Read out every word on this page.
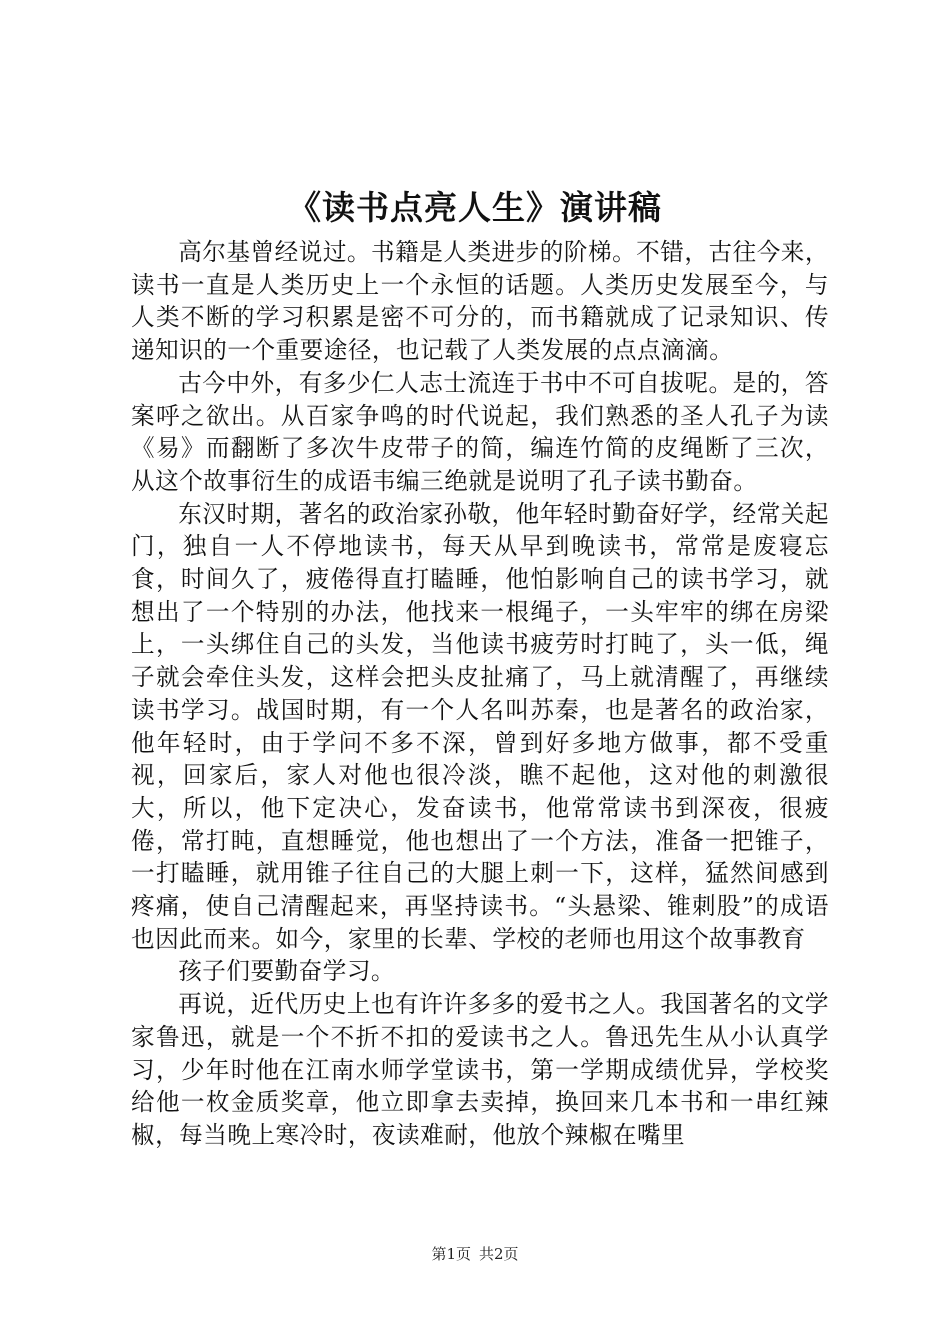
《读书点亮人生》演讲稿

高尔基曾经说过。书籍是人类进步的阶梯。不错，古往今来，读书一直是人类历史上一个永恒的话题。人类历史发展至今，与人类不断的学习积累是密不可分的，而书籍就成了记录知识、传递知识的一个重要途径，也记载了人类发展的点点滴滴。

古今中外，有多少仁人志士流连于书中不可自拔呢。是的，答案呼之欲出。从百家争鸣的时代说起，我们熟悉的圣人孔子为读《易》而翻断了多次牛皮带子的简，编连竹简的皮绳断了三次，从这个故事衍生的成语韦编三绝就是说明了孔子读书勤奋。

东汉时期，著名的政治家孙敬，他年轻时勤奋好学，经常关起门，独自一人不停地读书，每天从早到晚读书，常常是废寝忘食，时间久了，疲倦得直打瞌睡，他怕影响自己的读书学习，就想出了一个特别的办法，他找来一根绳子，一头牢牢的绑在房梁上，一头绑住自己的头发，当他读书疲劳时打盹了，头一低，绳子就会牵住头发，这样会把头皮扯痛了，马上就清醒了，再继续读书学习。战国时期，有一个人名叫苏秦，也是著名的政治家，他年轻时，由于学问不多不深，曾到好多地方做事，都不受重视，回家后，家人对他也很冷淡，瞧不起他，这对他的刺激很大，所以，他下定决心，发奋读书，他常常读书到深夜，很疲倦，常打盹，直想睡觉，他也想出了一个方法，准备一把锥子，一打瞌睡，就用锥子往自己的大腿上刺一下，这样，猛然间感到疼痛，使自己清醒起来，再坚持读书。“头悬梁、锥刺股”的成语也因此而来。如今，家里的长辈、学校的老师也用这个故事教育

孩子们要勤奋学习。

再说，近代历史上也有许许多多的爱书之人。我国著名的文学家鲁迅，就是一个不折不扣的爱读书之人。鲁迅先生从小认真学习，少年时他在江南水师学堂读书，第一学期成绩优异，学校奖给他一枚金质奖章，他立即拿去卖掉，换回来几本书和一串红辣椒，每当晚上寒冷时，夜读难耐，他放个辣椒在嘴里

第1页 共2页
